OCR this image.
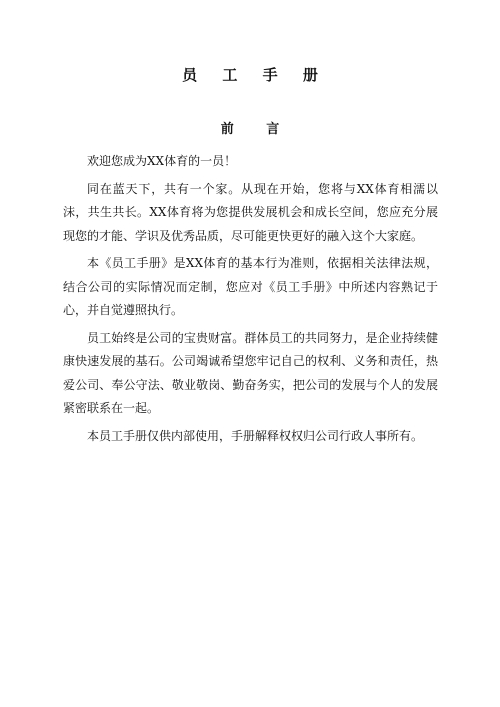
员 工 手 册
前 言

欢迎您成为XX体育的一员！

同在蓝天下，共有一个家。从现在开始，您将与XX体育相濡以沫，共生共长。XX体育将为您提供发展机会和成长空间，您应充分展现您的才能、学识及优秀品质，尽可能更快更好的融入这个大家庭。

本《员工手册》是XX体育的基本行为准则，依据相关法律法规，结合公司的实际情况而定制，您应对《员工手册》中所述内容熟记于心，并自觉遵照执行。

员工始终是公司的宝贵财富。群体员工的共同努力，是企业持续健康快速发展的基石。公司竭诚希望您牢记自己的权利、义务和责任，热爱公司、奉公守法、敬业敬岗、勤奋务实，把公司的发展与个人的发展紧密联系在一起。

本员工手册仅供内部使用，手册解释权权归公司行政人事所有。
